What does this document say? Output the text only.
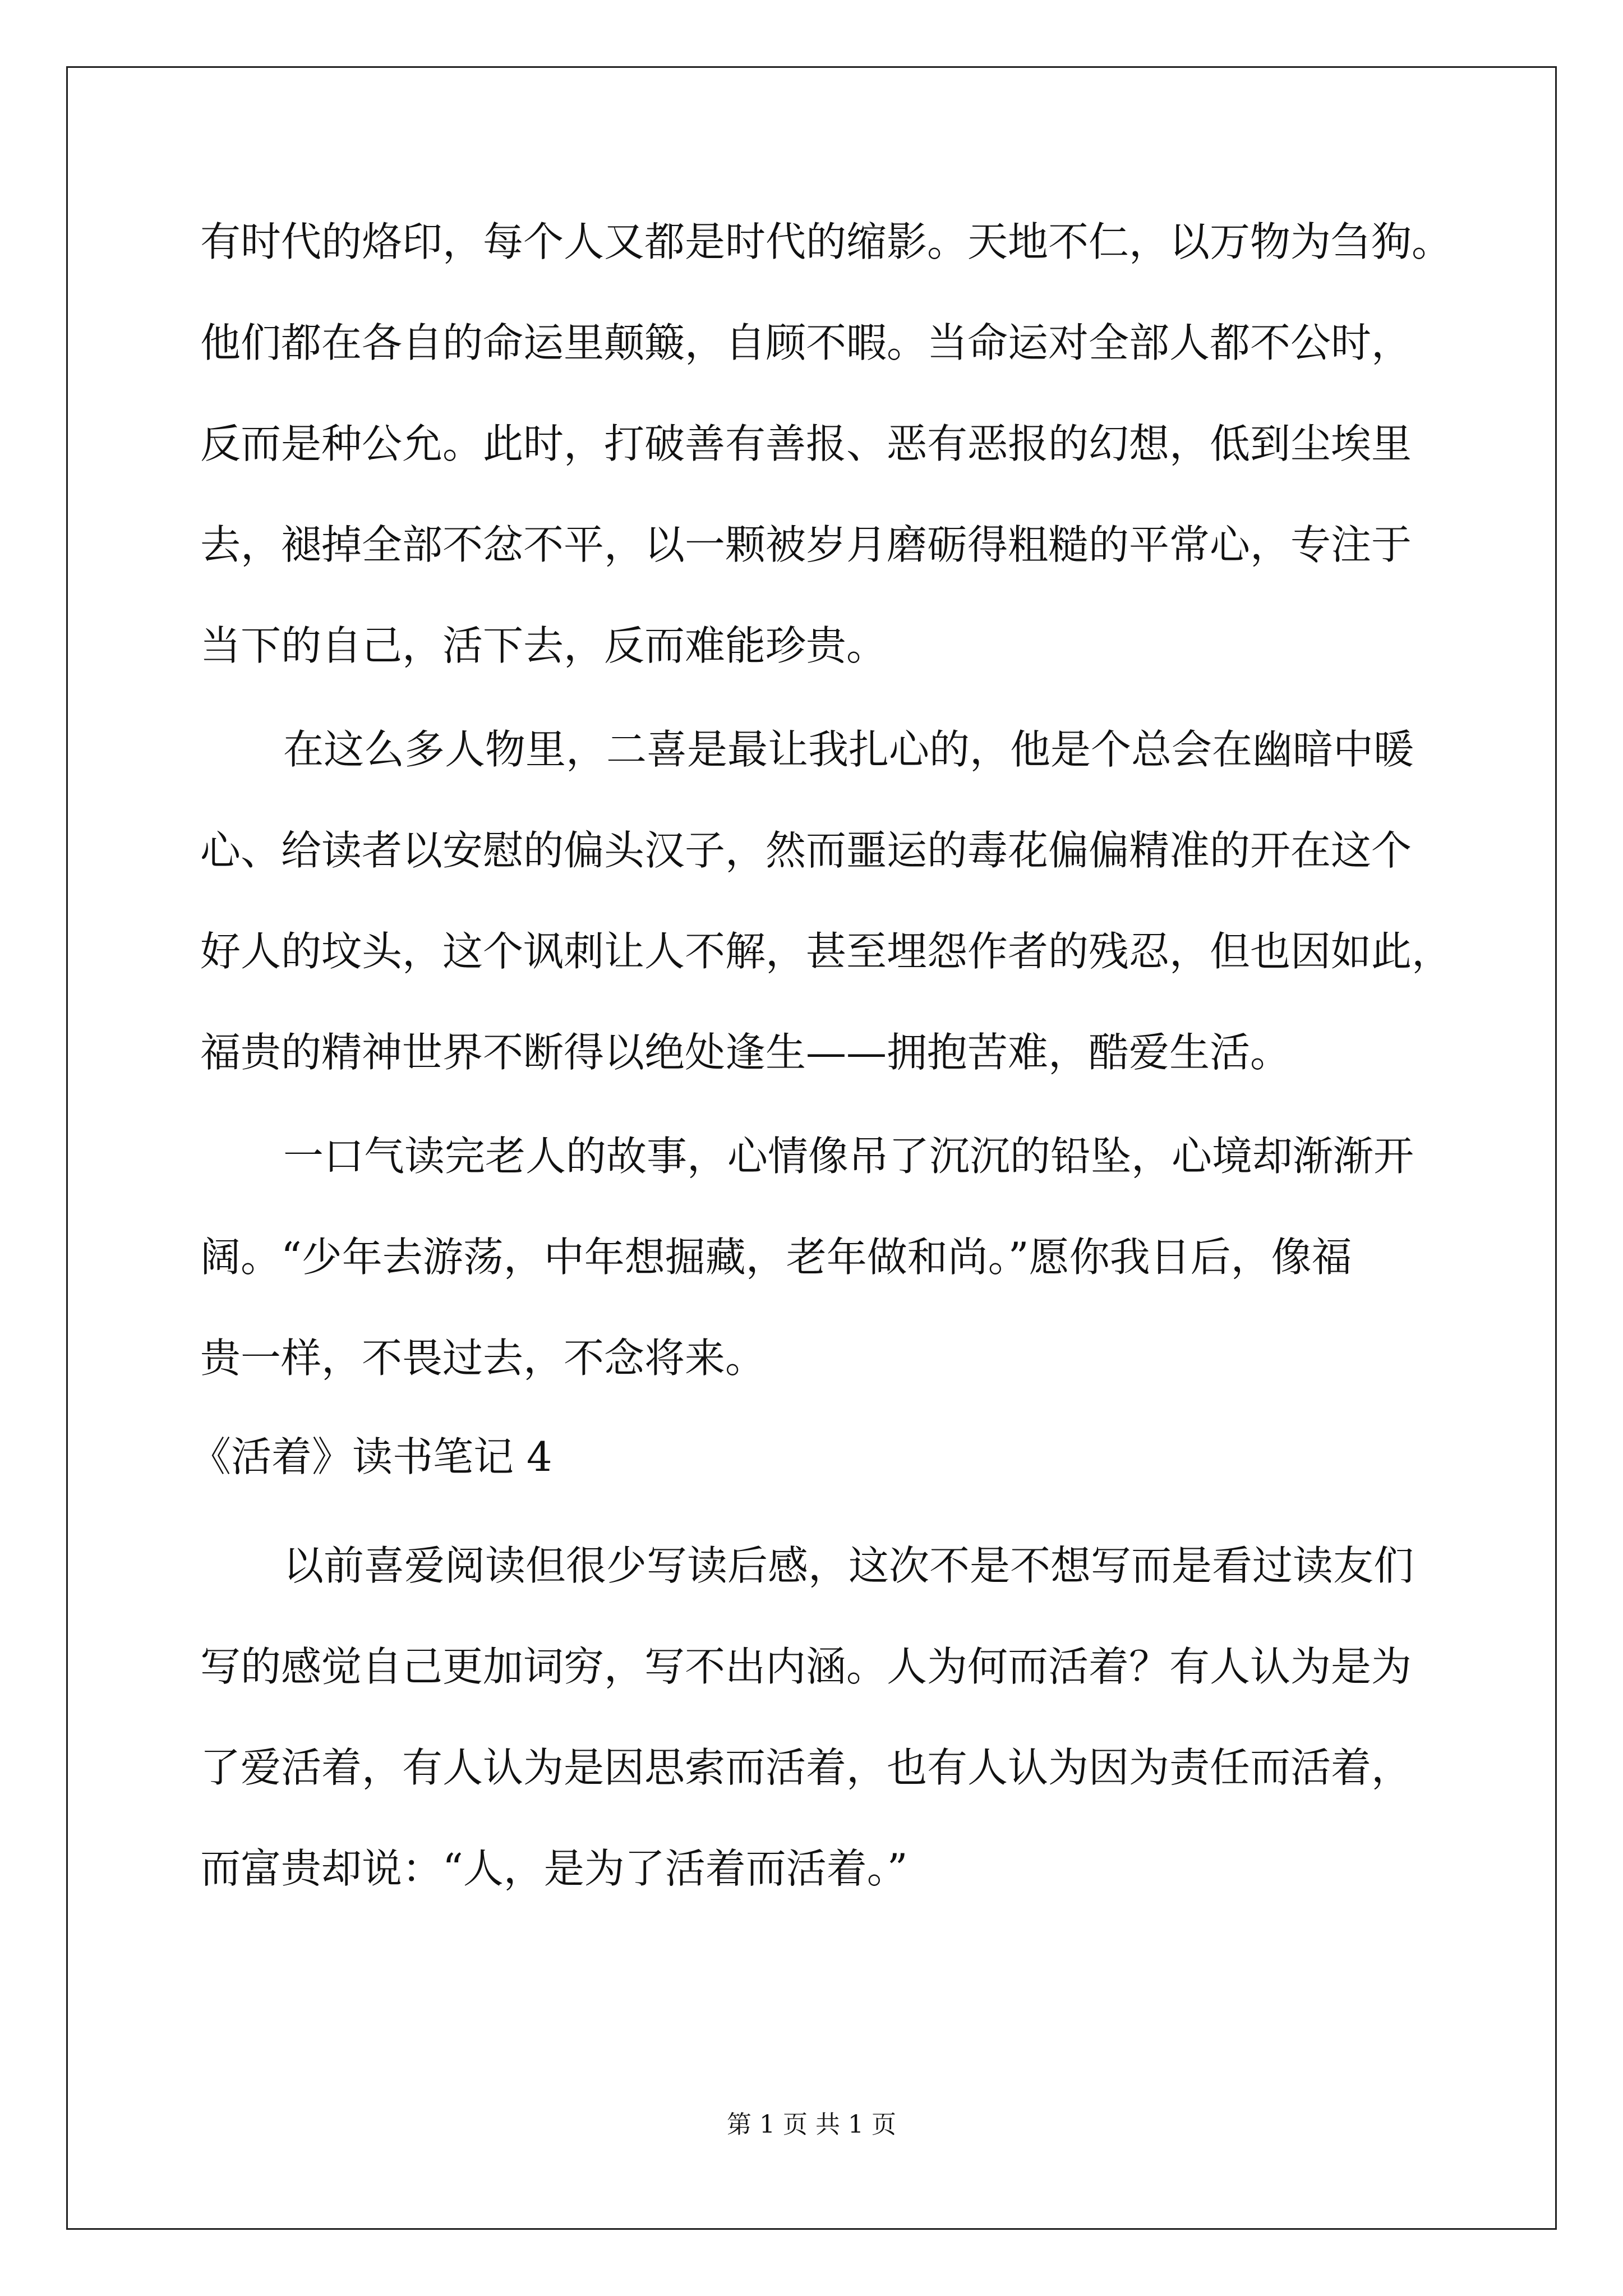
有时代的烙印，每个人又都是时代的缩影。天地不仁，以万物为刍狗。
他们都在各自的命运里颠簸，自顾不暇。当命运对全部人都不公时，
反而是种公允。此时，打破善有善报、恶有恶报的幻想，低到尘埃里
去，褪掉全部不忿不平，以一颗被岁月磨砺得粗糙的平常心，专注于
当下的自己，活下去，反而难能珍贵。
在这么多人物里，二喜是最让我扎心的，他是个总会在幽暗中暖
心、给读者以安慰的偏头汉子，然而噩运的毒花偏偏精准的开在这个
好人的坟头，这个讽刺让人不解，甚至埋怨作者的残忍，但也因如此，
福贵的精神世界不断得以绝处逢生——拥抱苦难，酷爱生活。
一口气读完老人的故事，心情像吊了沉沉的铅坠，心境却渐渐开
阔。“少年去游荡，中年想掘藏，老年做和尚。”愿你我日后，像福
贵一样，不畏过去，不念将来。
《活着》读书笔记 4
以前喜爱阅读但很少写读后感，这次不是不想写而是看过读友们
写的感觉自己更加词穷，写不出内涵。人为何而活着？有人认为是为
了爱活着，有人认为是因思索而活着，也有人认为因为责任而活着，
而富贵却说：“人，是为了活着而活着。”
第 1 页 共 1 页
